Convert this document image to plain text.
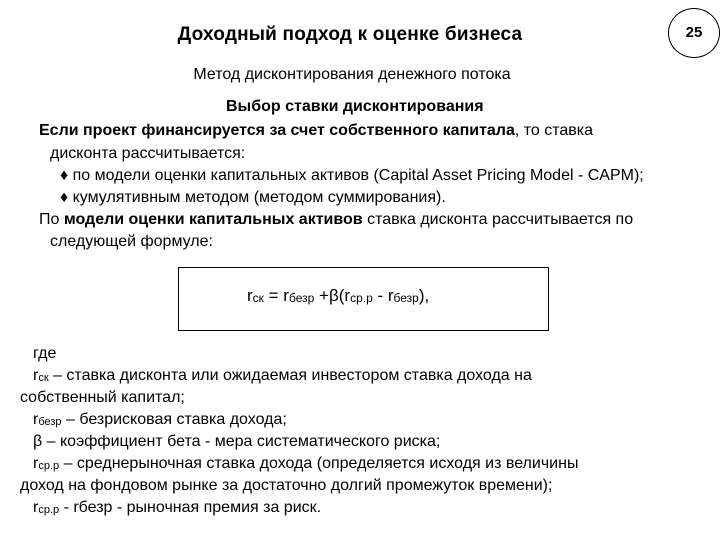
Доходный подход к оценке бизнеса	25
Метод дисконтирования денежного потока
Выбор ставки дисконтирования
Если проект финансируется за счет собственного капитала, то ставка
дисконта рассчитывается:
♦ по модели оценки капитальных активов (Capital Asset Pricing Model - CAPM);
♦ кумулятивным методом (методом суммирования).
По модели оценки капитальных активов ставка дисконта рассчитывается по
следующей формуле:
rск = rбезр +β(rср.р - rбезр),
где
rск – ставка дисконта или ожидаемая инвестором ставка дохода на
собственный капитал;
rбезр – безрисковая ставка дохода;
β – коэффициент бета - мера систематического риска;
rср.р – среднерыночная ставка дохода (определяется исходя из величины
доход на фондовом рынке за достаточно долгий промежуток времени);
rср.р - rбезр - рыночная премия за риск.
